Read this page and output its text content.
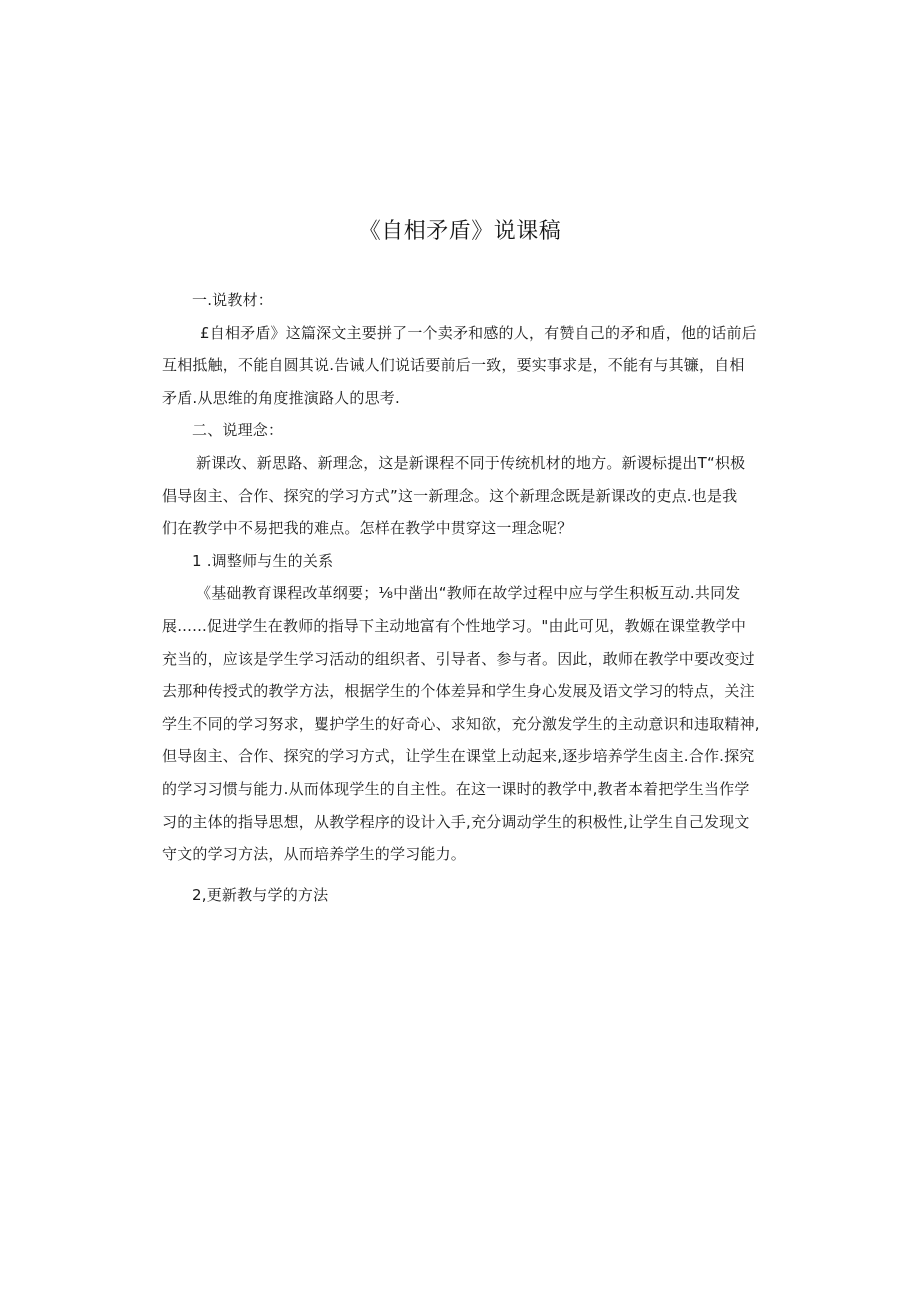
《自相矛盾》说课稿
一.说教材：
£自相矛盾》这篇深文主要拼了一个卖矛和感的人，有赞自己的矛和盾，他的话前后
互相抵触，不能自圆其说.告诫人们说话要前后一致，要实事求是，不能有与其镰，自相
矛盾.从思维的角度推演路人的思考.
二、说理念：
新课改、新思路、新理念，这是新课程不同于传统机材的地方。新谡标提出T“枳极
倡导囱主、合作、探究的学习方式”这一新理念。这个新理念既是新课改的吏点.也是我
们在教学中不易把我的难点。怎样在教学中贯穿这一理念呢？
1 .调整师与生的关系
《基础教育课程改革纲要；⅛中凿出“教师在故学过程中应与学生积板互动.共同发
展......促进学生在教师的指导下主动地富有个性地学习。"由此可见，教嫄在课堂教学中
充当的，应该是学生学习活动的组织者、引导者、参与者。因此，敢师在教学中要改变过
去那种传授式的教学方法，根据学生的个体差异和学生身心发展及语文学习的特点，关注
学生不同的学习努求，矍护学生的好奇心、求知欲，充分激发学生的主动意识和违取精神,
但导囱主、合作、探究的学习方式，让学生在课堂上动起来,逐步培养学生卤主.合作.探究
的学习习惯与能力.从而体现学生的自主性。在这一课时的教学中,教者本着把学生当作学
习的主体的指导思想，从教学程序的设计入手,充分调动学生的积极性,让学生自己发现文
守文的学习方法，从而培养学生的学习能力。
2,更新教与学的方法
